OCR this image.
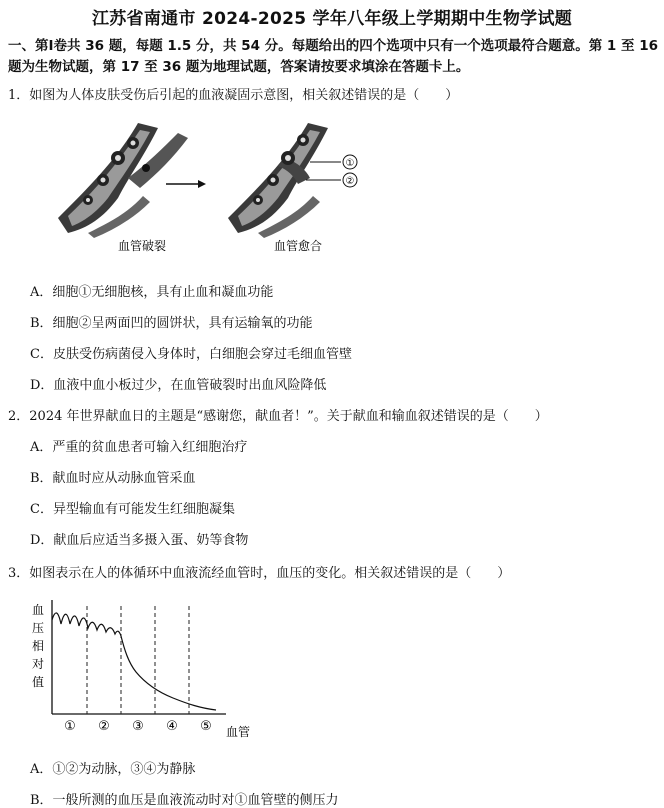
江苏省南通市 2024-2025 学年八年级上学期期中生物学试题
一、第Ⅰ卷共 36 题，每题 1.5 分，共 54 分。每题给出的四个选项中只有一个选项最符合题意。第 1 至 16 题为生物试题，第 17 至 36 题为地理试题，答案请按要求填涂在答题卡上。
1．如图为人体皮肤受伤后引起的血液凝固示意图，相关叙述错误的是（　　）
血管破裂
①
②
血管愈合
A．细胞①无细胞核，具有止血和凝血功能
B．细胞②呈两面凹的圆饼状，具有运输氧的功能
C．皮肤受伤病菌侵入身体时，白细胞会穿过毛细血管壁
D．血液中血小板过少，在血管破裂时出血风险降低
2．2024 年世界献血日的主题是“感谢您，献血者！”。关于献血和输血叙述错误的是（　　）
A．严重的贫血患者可输入红细胞治疗
B．献血时应从动脉血管采血
C．异型输血有可能发生红细胞凝集
D．献血后应适当多摄入蛋、奶等食物
3．如图表示在人的体循环中血液流经血管时，血压的变化。相关叙述错误的是（　　）
血
压
相
对
值
① ② ③ ④ ⑤ 血管
A．①②为动脉，③④为静脉
B．一般所测的血压是血液流动时对①血管壁的侧压力
